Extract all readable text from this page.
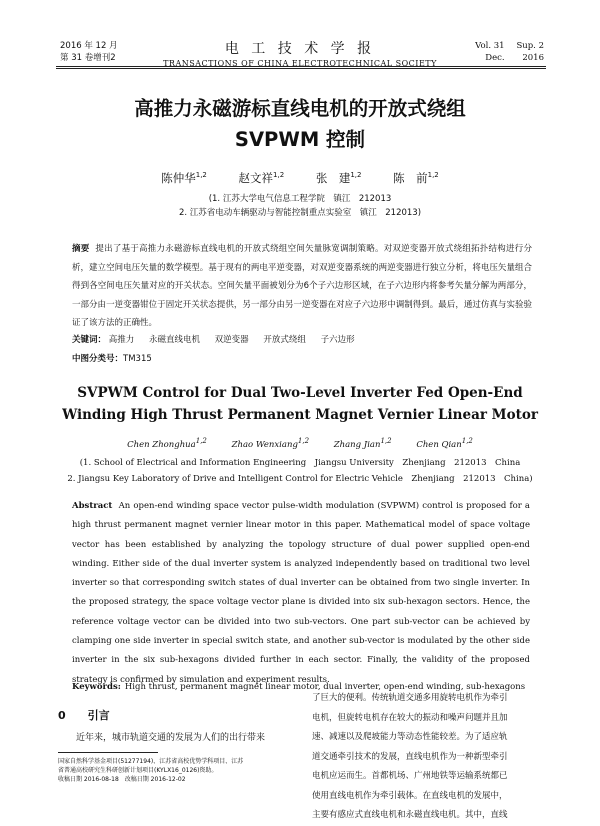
2016 年 12 月
第 31 卷增刊2
电 工 技 术 学 报
TRANSACTIONS OF CHINA ELECTROTECHNICAL SOCIETY
Vol. 31 Sup. 2
Dec. 2016
高推力永磁游标直线电机的开放式绕组
SVPWM 控制
陈仲华$^{1,2}$	赵文祥$^{1,2}$	张　建$^{1,2}$	陈　前$^{1,2}$
(1. 江苏大学电气信息工程学院　镇江　212013
2. 江苏省电动车辆驱动与智能控制重点实验室　镇江　212013)
摘要 提出了基于高推力永磁游标直线电机的开放式绕组空间矢量脉宽调制策略。对双逆变器开放式绕组拓扑结构进行分析，建立空间电压矢量的数学模型。基于现有的两电平逆变器，对双逆变器系统的两逆变器进行独立分析，将电压矢量组合得到各空间电压矢量对应的开关状态。空间矢量平面被划分为6个子六边形区域，在子六边形内将参考矢量分解为两部分，一部分由一逆变器钳位于固定开关状态提供，另一部分由另一逆变器在对应子六边形中调制得到。最后，通过仿真与实验验证了该方法的正确性。
关键词： 高推力 永磁直线电机 双逆变器 开放式绕组 子六边形
中图分类号：TM315
SVPWM Control for Dual Two-Level Inverter Fed Open-End
Winding High Thrust Permanent Magnet Vernier Linear Motor
Chen Zhonghua$^{1,2}$	Zhao Wenxiang$^{1,2}$	Zhang Jian$^{1,2}$	Chen Qian$^{1,2}$
(1. School of Electrical and Information Engineering　Jiangsu University　Zhenjiang　212013　China
2. Jiangsu Key Laboratory of Drive and Intelligent Control for Electric Vehicle　Zhenjiang　212013　China)
Abstract An open-end winding space vector pulse-width modulation (SVPWM) control is proposed for a high thrust permanent magnet vernier linear motor in this paper. Mathematical model of space voltage vector has been established by analyzing the topology structure of dual power supplied open-end winding. Either side of the dual inverter system is analyzed independently based on traditional two level inverter so that corresponding switch states of dual inverter can be obtained from two single inverter. In the proposed strategy, the space voltage vector plane is divided into six sub-hexagon sectors. Hence, the reference voltage vector can be divided into two sub-vectors. One part sub-vector can be achieved by clamping one side inverter in special switch state, and another sub-vector is modulated by the other side inverter in the six sub-hexagons divided further in each sector. Finally, the validity of the proposed strategy is confirmed by simulation and experiment results.
Keywords: High thrust, permanent magnet linear motor, dual inverter, open-end winding, sub-hexagons
0 引言
近年来，城市轨道交通的发展为人们的出行带来
国家自然科学基金项目(51277194)、江苏省高校优势学科项目、江苏
省普通高校研究生科研创新计划项目(KYLX16_0126)资助。
收稿日期 2016-08-18　改稿日期 2016-12-02
了巨大的便利。传统轨道交通多用旋转电机作为牵引
电机，但旋转电机存在较大的振动和噪声问题并且加
速、减速以及爬坡能力等动态性能较差。为了适应轨
道交通牵引技术的发展，直线电机作为一种新型牵引
电机应运而生。首都机场、广州地铁等运输系统都已
使用直线电机作为牵引载体。在直线电机的发展中，
主要有感应式直线电机和永磁直线电机。其中，直线
